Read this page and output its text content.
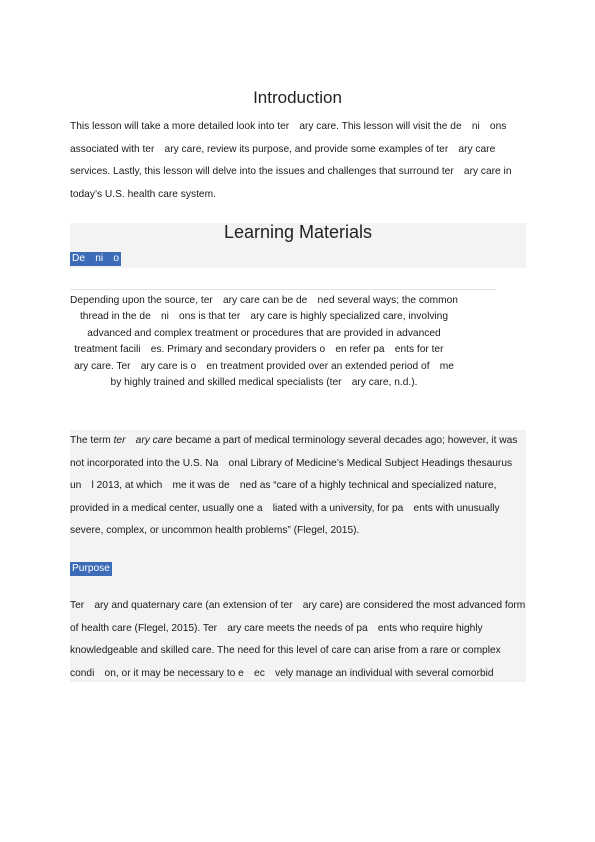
Introduction

This lesson will take a more detailed look into ter ary care. This lesson will visit the de ni ons associated with ter ary care, review its purpose, and provide some examples of ter ary care services. Lastly, this lesson will delve into the issues and challenges that surround ter ary care in today’s U.S. health care system.

Learning Materials
De ni o

Depending upon the source, ter ary care can be de ned several ways; the common thread in the de ni ons is that ter ary care is highly specialized care, involving advanced and complex treatment or procedures that are provided in advanced treatment facili es. Primary and secondary providers o en refer pa ents for ter ary care. Ter ary care is o en treatment provided over an extended period of me by highly trained and skilled medical specialists (ter ary care, n.d.).

The term ter ary care became a part of medical terminology several decades ago; however, it was not incorporated into the U.S. Na onal Library of Medicine’s Medical Subject Headings thesaurus un l 2013, at which me it was de ned as “care of a highly technical and specialized nature, provided in a medical center, usually one a liated with a university, for pa ents with unusually severe, complex, or uncommon health problems” (Flegel, 2015).

Purpose

Ter ary and quaternary care (an extension of ter ary care) are considered the most advanced form of health care (Flegel, 2015). Ter ary care meets the needs of pa ents who require highly knowledgeable and skilled care. The need for this level of care can arise from a rare or complex condi on, or it may be necessary to e ec vely manage an individual with several comorbid
